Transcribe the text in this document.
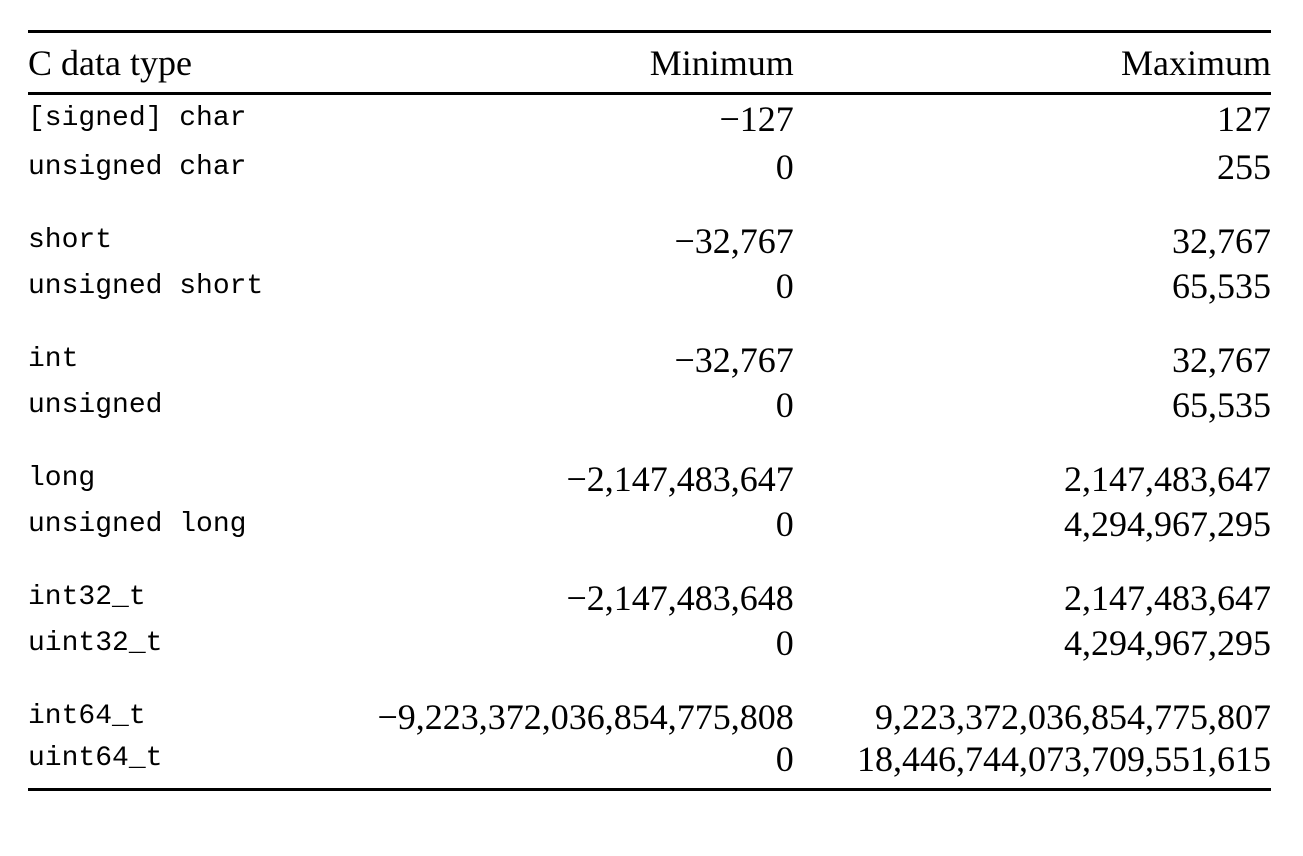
C data type	Minimum	Maximum
[signed] char	−127	127
unsigned char	0	255
short	−32,767	32,767
unsigned short	0	65,535
int	−32,767	32,767
unsigned	0	65,535
long	−2,147,483,647	2,147,483,647
unsigned long	0	4,294,967,295
int32_t	−2,147,483,648	2,147,483,647
uint32_t	0	4,294,967,295
int64_t	−9,223,372,036,854,775,808	9,223,372,036,854,775,807
uint64_t	0	18,446,744,073,709,551,615
